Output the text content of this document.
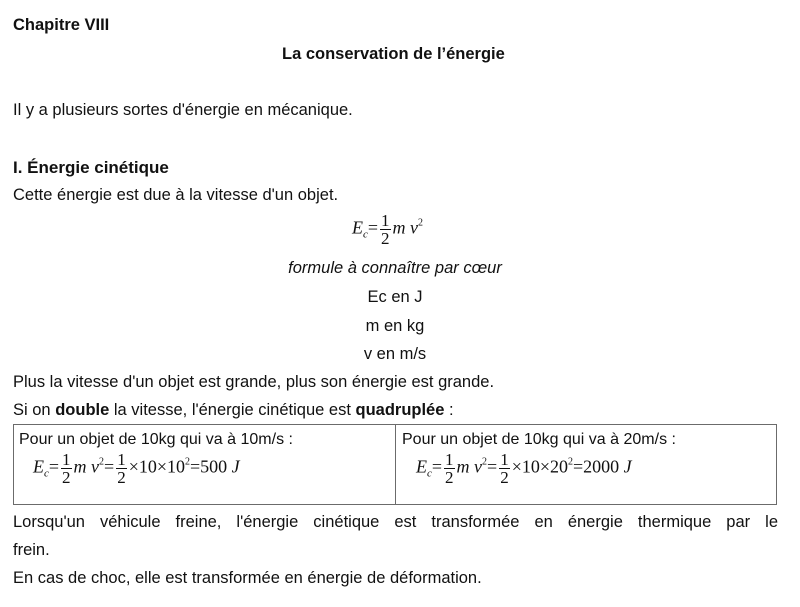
Chapitre VIII
La conservation de l’énergie
Il y a plusieurs sortes d'énergie en mécanique.
I. Énergie cinétique
Cette énergie est due à la vitesse d'un objet.
$E_c= \frac{1}{2}$ m $v^2$
formule à connaître par cœur
Ec en J
m en kg
v en m/s
Plus la vitesse d'un objet est grande, plus son énergie est grande.
Si on double la vitesse, l'énergie cinétique est quadruplée :
Pour un objet de 10kg qui va à 10m/s :
$E_c= \frac{1}{2}$ m $v^2= \frac{1}{2} \times 10\times 10^2=500$ J
Pour un objet de 10kg qui va à 20m/s :
$E_c= \frac{1}{2}$ m $v^2= \frac{1}{2} \times 10\times 20^2=2000$ J
Lorsqu'un véhicule freine, l'énergie cinétique est transformée en énergie thermique par le
frein.
En cas de choc, elle est transformée en énergie de déformation.
